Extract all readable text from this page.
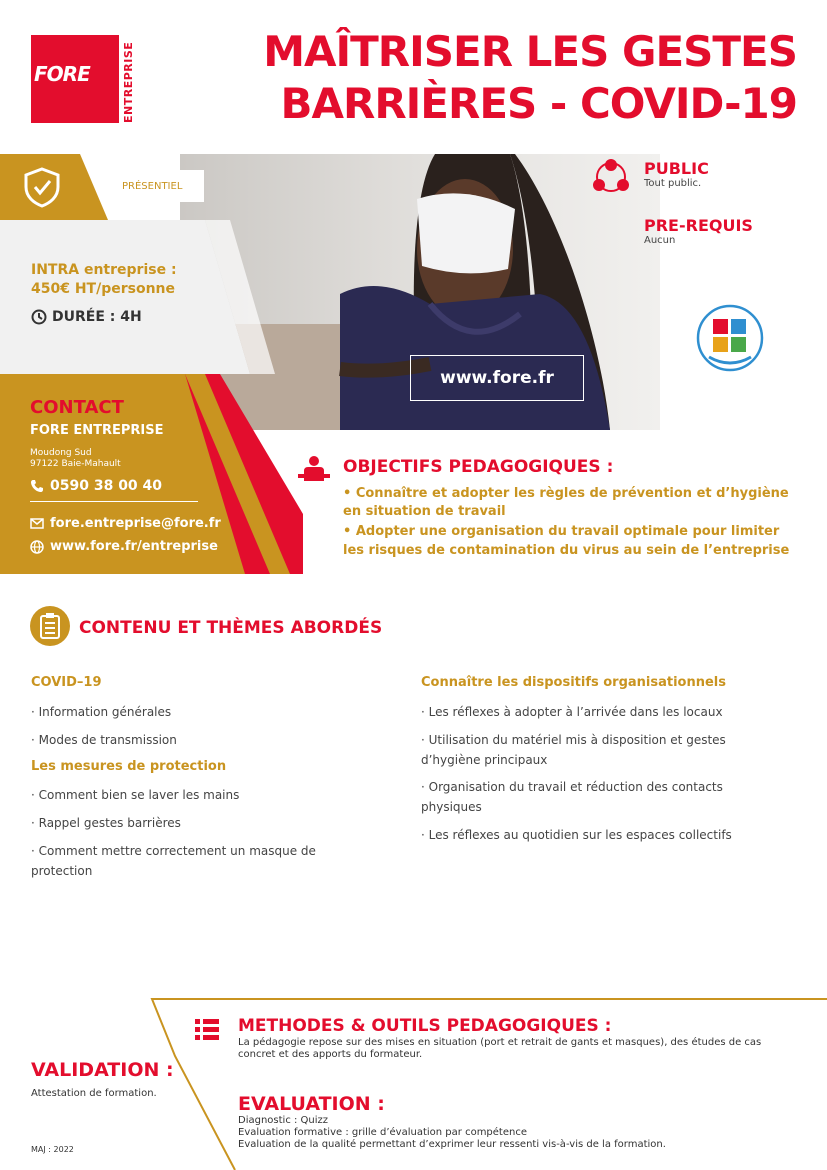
FORE	ENTREPRISE	MAÎTRISER LES GESTES
BARRIÈRES - COVID-19
www.fore.fr
PRÉSENTIEL
INTRA entreprise :
450€ HT/personne
DURÉE : 4H
CONTACT
FORE ENTREPRISE
Moudong Sud
97122 Baie-Mahault
0590 38 00 40
fore.entreprise@fore.fr
www.fore.fr/entreprise
PUBLIC
Tout public.
PRE-REQUIS
Aucun
OBJECTIFS PEDAGOGIQUES :
• Connaître et adopter les règles de prévention et d’hygiène
en situation de travail
• Adopter une organisation du travail optimale pour limiter
les risques de contamination du virus au sein de l’entreprise
CONTENU ET THÈMES ABORDÉS
COVID–19
· Information générales
· Modes de transmission
Les mesures de protection
· Comment bien se laver les mains
· Rappel gestes barrières
· Comment mettre correctement un masque de
protection
Connaître les dispositifs organisationnels
· Les réflexes à adopter à l’arrivée dans les locaux
· Utilisation du matériel mis à disposition et gestes
d’hygiène principaux
· Organisation du travail et réduction des contacts
physiques
· Les réflexes au quotidien sur les espaces collectifs
METHODES & OUTILS PEDAGOGIQUES :
La pédagogie repose sur des mises en situation (port et retrait de gants et masques), des études de cas concret et des apports du formateur.
VALIDATION :
Attestation de formation.	EVALUATION :
Diagnostic : Quizz
Evaluation formative : grille d’évaluation par compétence
Evaluation de la qualité permettant d’exprimer leur ressenti vis-à-vis de la formation.
MAJ : 2022
